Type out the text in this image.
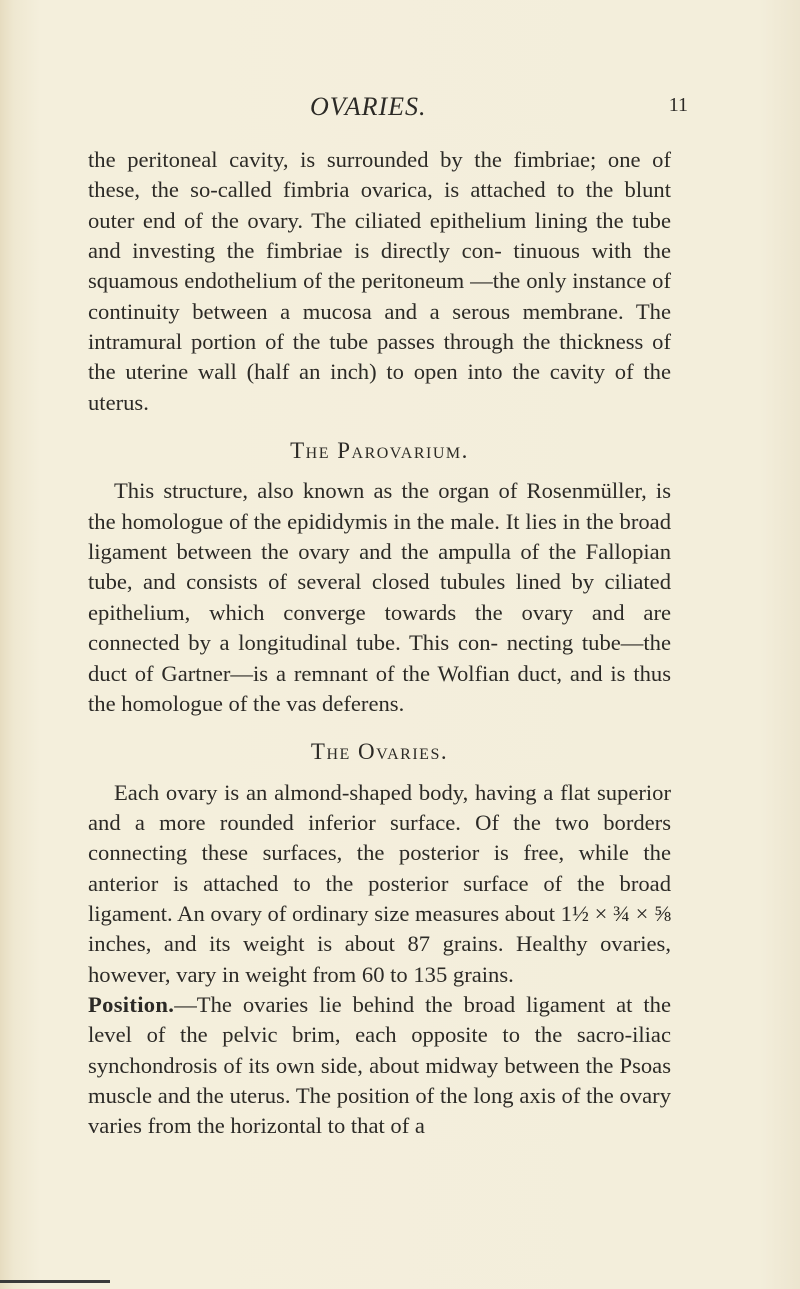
OVARIES.	11

the peritoneal cavity, is surrounded by the fimbriae; one of these, the so-called fimbria ovarica, is attached to the blunt outer end of the ovary. The ciliated epithelium lining the tube and investing the fimbriae is directly con- tinuous with the squamous endothelium of the peritoneum —the only instance of continuity between a mucosa and a serous membrane. The intramural portion of the tube passes through the thickness of the uterine wall (half an inch) to open into the cavity of the uterus.

The Parovarium.

This structure, also known as the organ of Rosenmüller, is the homologue of the epididymis in the male. It lies in the broad ligament between the ovary and the ampulla of the Fallopian tube, and consists of several closed tubules lined by ciliated epithelium, which converge towards the ovary and are connected by a longitudinal tube. This con- necting tube—the duct of Gartner—is a remnant of the Wolfian duct, and is thus the homologue of the vas deferens.

The Ovaries.

Each ovary is an almond-shaped body, having a flat superior and a more rounded inferior surface. Of the two borders connecting these surfaces, the posterior is free, while the anterior is attached to the posterior surface of the broad ligament. An ovary of ordinary size measures about 1½ × ¾ × ⅝ inches, and its weight is about 87 grains. Healthy ovaries, however, vary in weight from 60 to 135 grains.

Position.—The ovaries lie behind the broad ligament at the level of the pelvic brim, each opposite to the sacro-iliac synchondrosis of its own side, about midway between the Psoas muscle and the uterus. The position of the long axis of the ovary varies from the horizontal to that of a
